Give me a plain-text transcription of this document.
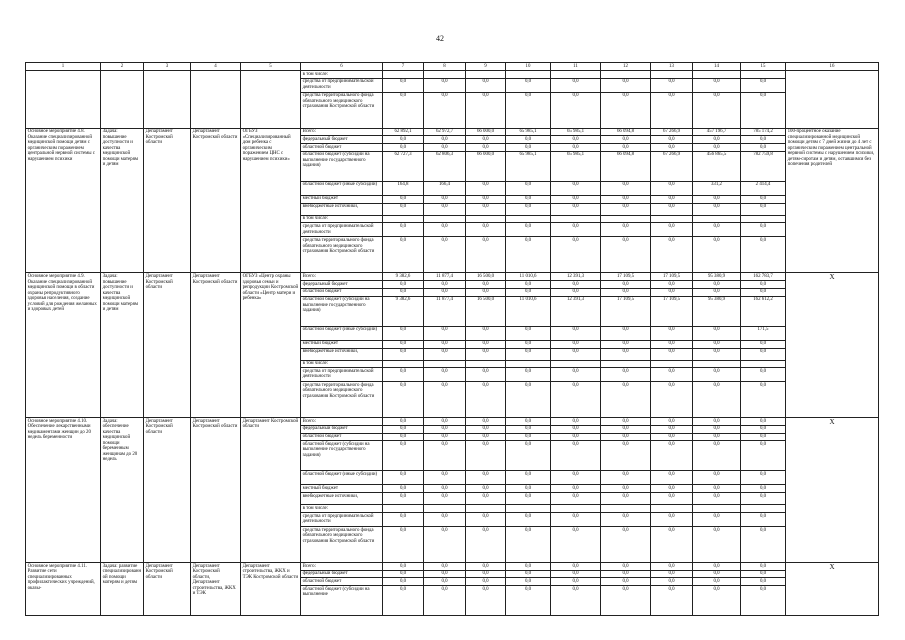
42
1	2	3	4	5	6	7	8	9	10	11	12	13	14	15	16
					в том числе:										
					средства от предпринимательской деятельности	0,0	0,0	0,0	0,0	0,0	0,0	0,0	0,0	0,0	
					средства территориального фонда обязательного медицинского страхования Костромской области	0,0	0,0	0,0	0,0	0,0	0,0	0,0	0,0	0,0	
Основное мероприятие 4.8. Оказание специализированной медицинской помощи детям с органическим поражением центральной нервной системы с нарушением психики	Задача: повышение доступности и качества медицинской помощи матерям и детям	Департамент Костромской области	Департамент Костромской области	ОГБУЗ «Специализированный дом ребенка с органическим поражением ЦНС с нарушением психики»	Всего:	62 892,1	62 972,7	66 000,0	65 985,1	65 985,1	66 094,8	67 266,9	457 196,7	785 174,2	100-процентное оказание специализированной медицинской помощи детям с 7 дней жизни до 4 лет с органическим поражением центральной нервной системы с нарушением психики, детям-сиротам и детям, оставшимся без попечения родителей
					федеральный бюджет	0,0	0,0	0,0	0,0	0,0	0,0	0,0	0,0	0,0	
					областной бюджет	0,0	0,0	0,0	0,0	0,0	0,0	0,0	0,0	0,0	
					областной бюджет (субсидии на выполнение государственного задания)	62 727,3	62 806,3	66 000,0	65 985,1	65 985,1	66 094,8	67 266,9	456 865,5	782 759,8	
					областной бюджет (иные субсидии)	164,8	166,4	0,0	0,0	0,0	0,0	0,0	331,2	2 414,4	
					местный бюджет	0,0	0,0	0,0	0,0	0,0	0,0	0,0	0,0	0,0	
					внебюджетные источники,	0,0	0,0	0,0	0,0	0,0	0,0	0,0	0,0	0,0	
					в том числе:										
					средства от предпринимательской деятельности	0,0	0,0	0,0	0,0	0,0	0,0	0,0	0,0	0,0	
					средства территориального фонда обязательного медицинского страхования Костромской области	0,0	0,0	0,0	0,0	0,0	0,0	0,0	0,0	0,0	
Основное мероприятие 4.9. Оказание специализированной медицинской помощи в области охраны репродуктивного здоровья населения, создание условий для рождения желанных и здоровых детей	Задача: повышение доступности и качества медицинской помощи матерям и детям	Департамент Костромской области	Департамент Костромской области	ОГБУЗ «Центр охраны здоровья семьи и репродукции Костромской области «Центр матери и ребенка»	Всего:	9 382,6	11 877,4	16 500,0	11 010,6	12 391,3	17 109,5	17 109,5	95 380,9	162 783,7	X
					федеральный бюджет	0,0	0,0	0,0	0,0	0,0	0,0	0,0	0,0	0,0	
					областной бюджет	0,0	0,0	0,0	0,0	0,0	0,0	0,0	0,0	0,0	
					областной бюджет (субсидии на выполнение государственного задания)	9 382,6	11 877,4	16 500,0	11 010,6	12 391,3	17 109,5	17 109,5	95 380,9	162 612,2	
					областной бюджет (иные субсидии)	0,0	0,0	0,0	0,0	0,0	0,0	0,0	0,0	171,5	
					местный бюджет	0,0	0,0	0,0	0,0	0,0	0,0	0,0	0,0	0,0	
					внебюджетные источники,	0,0	0,0	0,0	0,0	0,0	0,0	0,0	0,0	0,0	
					в том числе:										
					средства от предпринимательской деятельности	0,0	0,0	0,0	0,0	0,0	0,0	0,0	0,0	0,0	
					средства территориального фонда обязательного медицинского страхования Костромской области	0,0	0,0	0,0	0,0	0,0	0,0	0,0	0,0	0,0	
Основное мероприятие 4.10. Обеспечение лекарственными медикаментами женщин до 20 недель беременности	Задача: обеспечение качества медицинской помощи беременным женщинам до 20 недель	Департамент Костромской области	Департамент Костромской области	Департамент Костромской области	Всего:	0,0	0,0	0,0	0,0	0,0	0,0	0,0	0,0	0,0	X
					федеральный бюджет	0,0	0,0	0,0	0,0	0,0	0,0	0,0	0,0	0,0	
					областной бюджет	0,0	0,0	0,0	0,0	0,0	0,0	0,0	0,0	0,0	
					областной бюджет (субсидии на выполнение государственного задания)	0,0	0,0	0,0	0,0	0,0	0,0	0,0	0,0	0,0	
					областной бюджет (иные субсидии)	0,0	0,0	0,0	0,0	0,0	0,0	0,0	0,0	0,0	
					местный бюджет	0,0	0,0	0,0	0,0	0,0	0,0	0,0	0,0	0,0	
					внебюджетные источники,	0,0	0,0	0,0	0,0	0,0	0,0	0,0	0,0	0,0	
					в том числе:										
					средства от предпринимательской деятельности	0,0	0,0	0,0	0,0	0,0	0,0	0,0	0,0	0,0	
					средства территориального фонда обязательного медицинского страхования Костромской области	0,0	0,0	0,0	0,0	0,0	0,0	0,0	0,0	0,0	
Основное мероприятие 4.11. Развитие сети специализированных профилактических учреждений, оказы-	Задача: развитие специализированной помощи матерям и детям	Департамент Костромской области	Департамент Костромской области, Департамент строительства, ЖКХ и ТЭК	Департамент строительства, ЖКХ и ТЭК Костромской области	Всего:	0,0	0,0	0,0	0,0	0,0	0,0	0,0	0,0	0,0	X
					федеральный бюджет	0,0	0,0	0,0	0,0	0,0	0,0	0,0	0,0	0,0	
					областной бюджет	0,0	0,0	0,0	0,0	0,0	0,0	0,0	0,0	0,0	
					областной бюджет (субсидии на выполнение	0,0	0,0	0,0	0,0	0,0	0,0	0,0	0,0	0,0	
